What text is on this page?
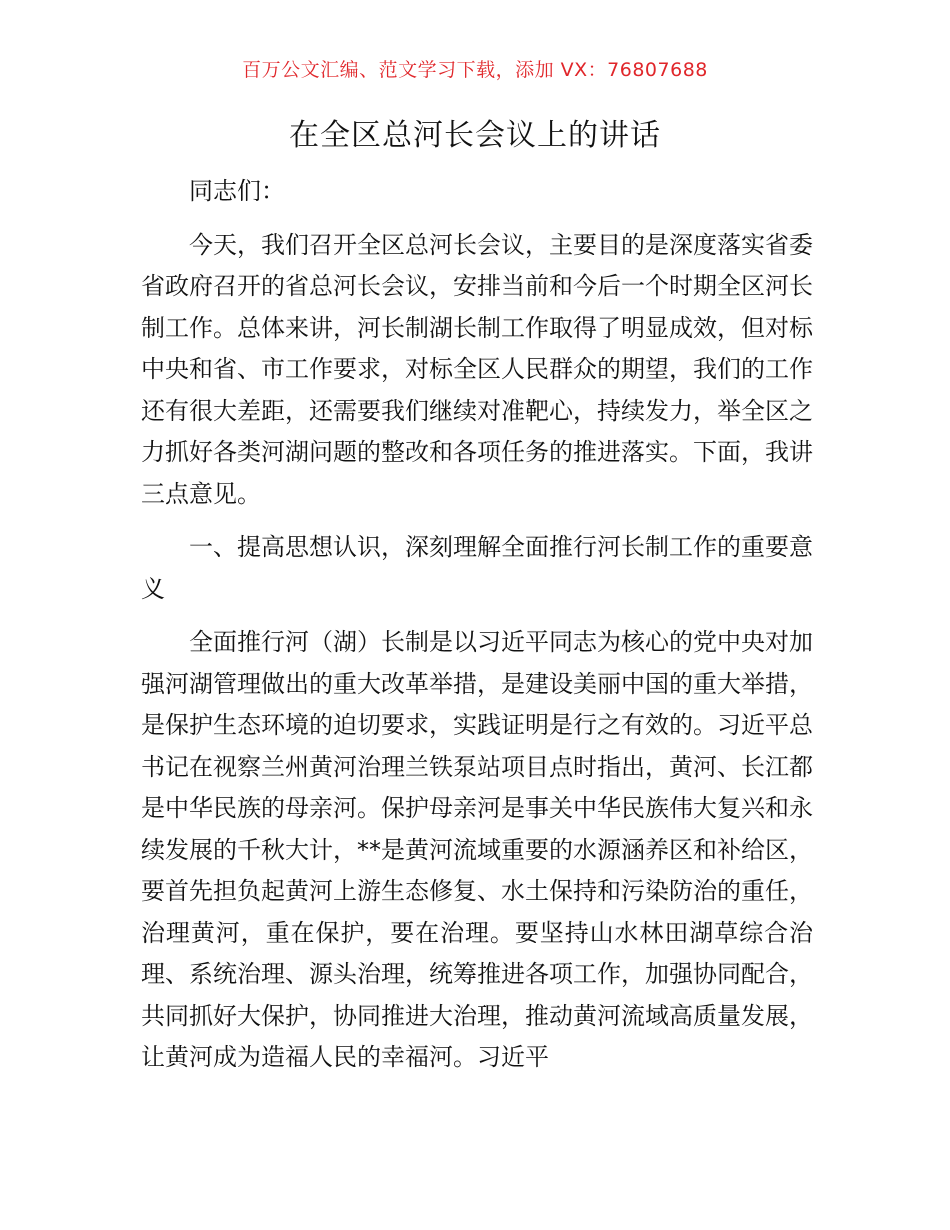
百万公文汇编、范文学习下载，添加 VX：76807688
在全区总河长会议上的讲话

同志们：

今天，我们召开全区总河长会议，主要目的是深度落实省委省政府召开的省总河长会议，安排当前和今后一个时期全区河长制工作。总体来讲，河长制湖长制工作取得了明显成效，但对标中央和省、市工作要求，对标全区人民群众的期望，我们的工作还有很大差距，还需要我们继续对准靶心，持续发力，举全区之力抓好各类河湖问题的整改和各项任务的推进落实。下面，我讲三点意见。

一、提高思想认识，深刻理解全面推行河长制工作的重要意义

全面推行河（湖）长制是以习近平同志为核心的党中央对加强河湖管理做出的重大改革举措，是建设美丽中国的重大举措，是保护生态环境的迫切要求，实践证明是行之有效的。习近平总书记在视察兰州黄河治理兰铁泵站项目点时指出，黄河、长江都是中华民族的母亲河。保护母亲河是事关中华民族伟大复兴和永续发展的千秋大计，**是黄河流域重要的水源涵养区和补给区，要首先担负起黄河上游生态修复、水土保持和污染防治的重任，治理黄河，重在保护，要在治理。要坚持山水林田湖草综合治理、系统治理、源头治理，统筹推进各项工作，加强协同配合，共同抓好大保护，协同推进大治理，推动黄河流域高质量发展，让黄河成为造福人民的幸福河。习近平
